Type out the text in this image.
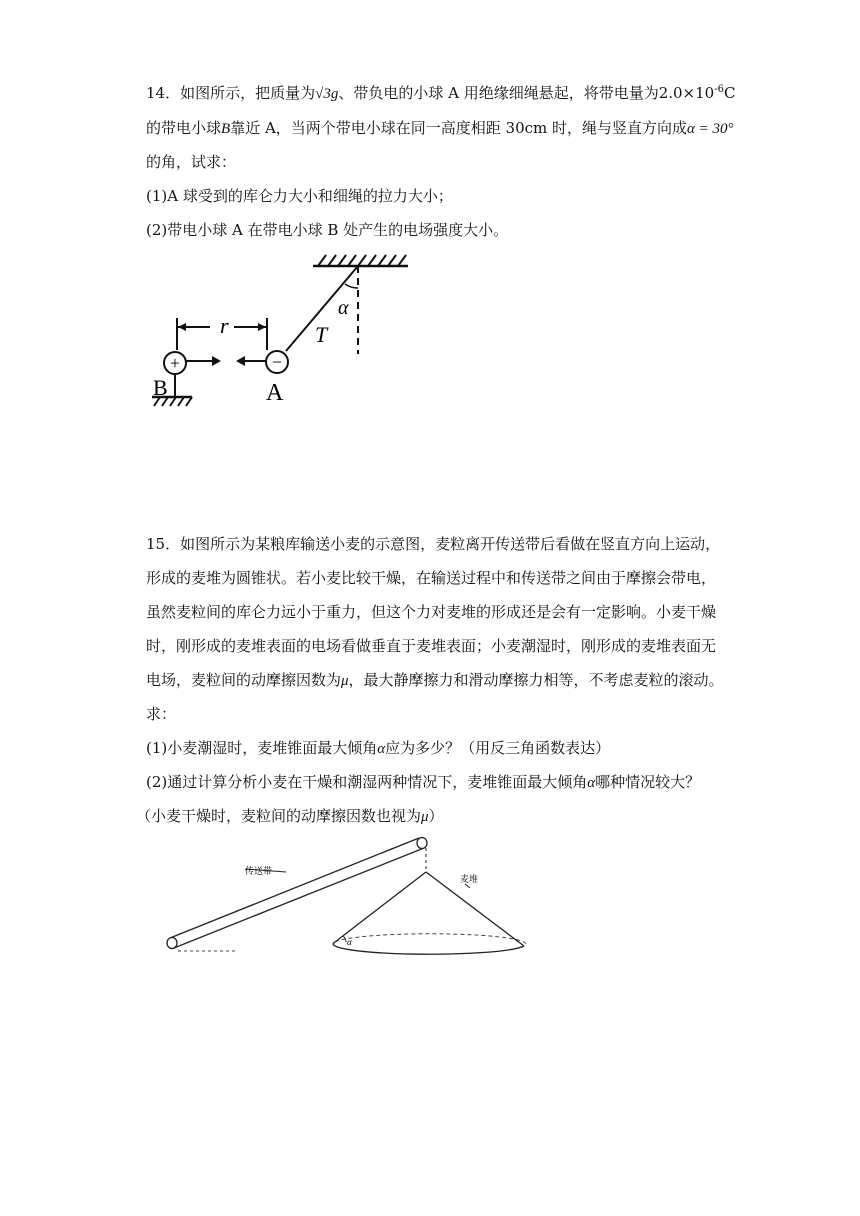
14．如图所示，把质量为√3g、带负电的小球 A 用绝缘细绳悬起，将带电量为$2.0\times 10^{-6}C$
的带电小球B靠近 A，当两个带电小球在同一高度相距 30cm 时，绳与竖直方向成α = 30°
的角，试求：
(1)A 球受到的库仑力大小和细绳的拉力大小；
(2)带电小球 A 在带电小球 B 处产生的电场强度大小。
α
T
r
+
B
−
A
15．如图所示为某粮库输送小麦的示意图，麦粒离开传送带后看做在竖直方向上运动，
形成的麦堆为圆锥状。若小麦比较干燥，在输送过程中和传送带之间由于摩擦会带电，
虽然麦粒间的库仑力远小于重力，但这个力对麦堆的形成还是会有一定影响。小麦干燥
时，刚形成的麦堆表面的电场看做垂直于麦堆表面；小麦潮湿时，刚形成的麦堆表面无
电场，麦粒间的动摩擦因数为μ，最大静摩擦力和滑动摩擦力相等，不考虑麦粒的滚动。
求：
(1)小麦潮湿时，麦堆锥面最大倾角α应为多少？（用反三角函数表达）
(2)通过计算分析小麦在干燥和潮湿两种情况下，麦堆锥面最大倾角α哪种情况较大？
（小麦干燥时，麦粒间的动摩擦因数也视为μ）
传送带
α
麦堆
